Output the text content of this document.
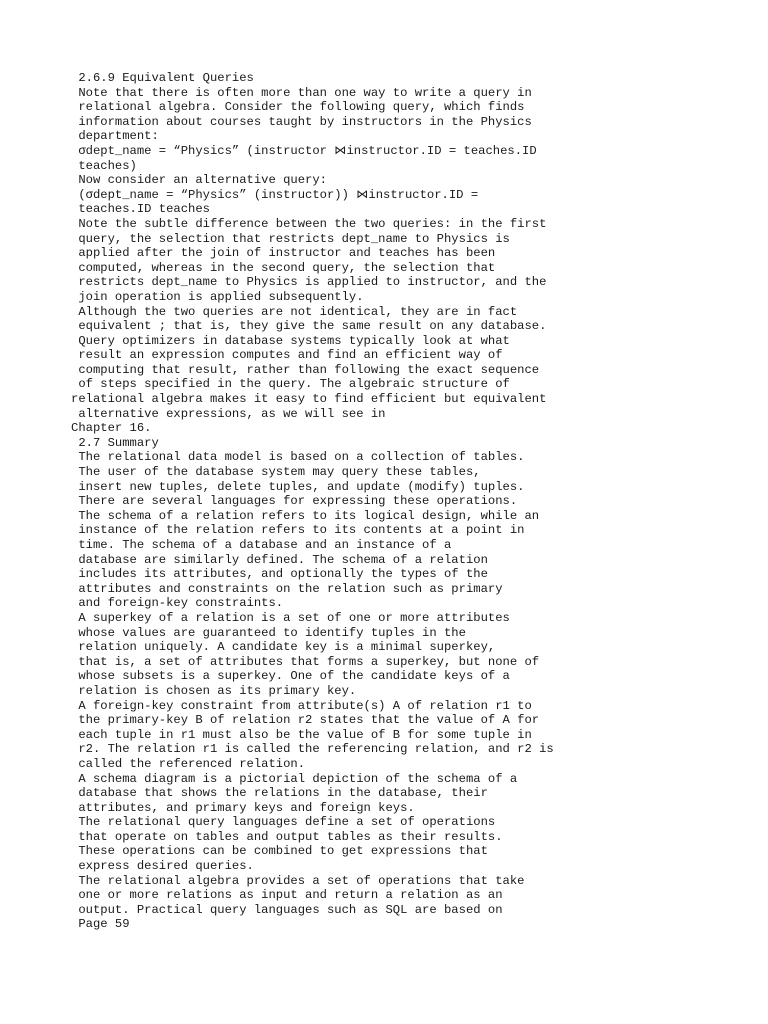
2.6.9 Equivalent Queries
Note that there is often more than one way to write a query in
relational algebra. Consider the following query, which finds
information about courses taught by instructors in the Physics
department:
σdept_name = “Physics” (instructor ⋈instructor.ID = teaches.ID
teaches)
Now consider an alternative query:
(σdept_name = “Physics” (instructor)) ⋈instructor.ID =
teaches.ID teaches
Note the subtle difference between the two queries: in the first
query, the selection that restricts dept_name to Physics is
applied after the join of instructor and teaches has been
computed, whereas in the second query, the selection that
restricts dept_name to Physics is applied to instructor, and the
join operation is applied subsequently.
Although the two queries are not identical, they are in fact
equivalent ; that is, they give the same result on any database.
Query optimizers in database systems typically look at what
result an expression computes and find an efficient way of
computing that result, rather than following the exact sequence
of steps specified in the query. The algebraic structure of
relational algebra makes it easy to find efficient but equivalent
alternative expressions, as we will see in
Chapter 16.
2.7 Summary
The relational data model is based on a collection of tables.
The user of the database system may query these tables,
insert new tuples, delete tuples, and update (modify) tuples.
There are several languages for expressing these operations.
The schema of a relation refers to its logical design, while an
instance of the relation refers to its contents at a point in
time. The schema of a database and an instance of a
database are similarly defined. The schema of a relation
includes its attributes, and optionally the types of the
attributes and constraints on the relation such as primary
and foreign-key constraints.
A superkey of a relation is a set of one or more attributes
whose values are guaranteed to identify tuples in the
relation uniquely. A candidate key is a minimal superkey,
that is, a set of attributes that forms a superkey, but none of
whose subsets is a superkey. One of the candidate keys of a
relation is chosen as its primary key.
A foreign-key constraint from attribute(s) A of relation r1 to
the primary-key B of relation r2 states that the value of A for
each tuple in r1 must also be the value of B for some tuple in
r2. The relation r1 is called the referencing relation, and r2 is
called the referenced relation.
A schema diagram is a pictorial depiction of the schema of a
database that shows the relations in the database, their
attributes, and primary keys and foreign keys.
The relational query languages define a set of operations
that operate on tables and output tables as their results.
These operations can be combined to get expressions that
express desired queries.
The relational algebra provides a set of operations that take
one or more relations as input and return a relation as an
output. Practical query languages such as SQL are based on
Page 59
